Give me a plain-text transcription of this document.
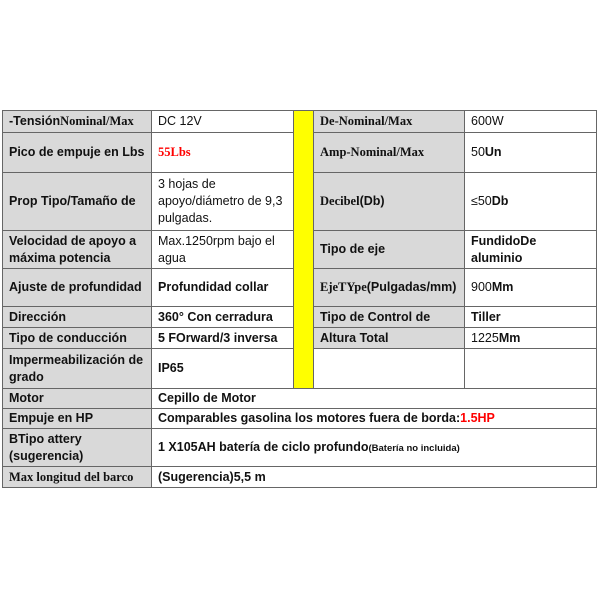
-TensiónNominal/Max	DC 12V		De-Nominal/Max	600W
Pico de empuje en Lbs	55Lbs		Amp-Nominal/Max	50Un
Prop Tipo/Tamaño de	3 hojas de apoyo/diámetro de 9,3 pulgadas.		Decibel(Db)	≤50Db
Velocidad de apoyo a máxima potencia	Max.1250rpm bajo el agua		Tipo de eje	FundidoDe aluminio
Ajuste de profundidad	Profundidad collar		EjeTYpe(Pulgadas/mm)	900Mm
Dirección	360° Con cerradura		Tipo de Control de	Tiller
Tipo de conducción	5 FOrward/3 inversa		Altura Total	1225Mm
Impermeabilización de grado	IP65			
Motor	Cepillo de Motor			
Empuje en HP	Comparables gasolina los motores fuera de borda:1.5HP			
BTipo attery (sugerencia)	1 X105AH batería de ciclo profundo(Batería no incluida)			
Max longitud del barco	(Sugerencia)5,5 m			
